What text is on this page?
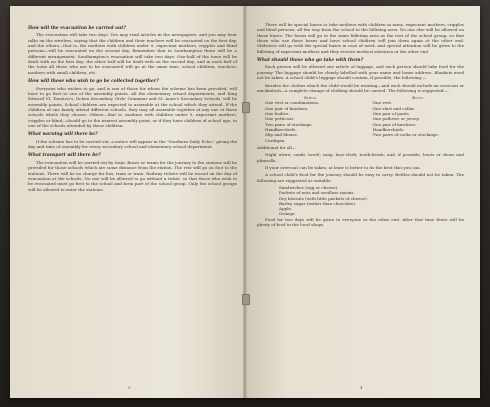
How will the evacuation be carried out?

The evacuation will take two days. You may read articles in the newspapers, and you may hear talks on the wireless, saying that the children and their teachers will be evacuated on the first day, and the others—that is, the mothers with children under 5, expectant mothers, cripples and blind persons—will be evacuated on the second day. Remember that in Southampton there will be a different arrangement. Southampton's evacuation will take two days. One-half of the town will be dealt with on the first day; the other half will be dealt with on the second day; and in each half of the town all those who are to be evacuated will go at the same time, school children, teachers, mothers with small children, etc.

How will those who wish to go be collected together?

Everyone who wishes to go, and is one of those for whom the scheme has been provided, will have to go first to one of the assembly points. All the elementary school departments, and King Edward VI, Taunton's, Itchen Secondary, Girls' Grammar and St. Anne's Secondary Schools, will be assembly points. School children are expected to assemble at the school which they attend. If the children of one family attend different schools, they may all assemble together at any one of those schools which they choose. Others—that is, mothers with children under 5, expectant mothers, cripples or blind—should go to the nearest assembly point, or if they have children of school age, to one of the schools attended by those children.

What warning will there be?

If the scheme has to be carried out, a notice will appear in the "Southern Daily Echo," giving the day and time of assembly for every secondary school and elementary school department.

What transport will there be?

The evacuation will be carried out by train. Buses or trams for the journey to the stations will be provided for those schools which are some distance from the station. The rest will go on foot to the stations. There will be no charge for bus, tram or train. Railway tickets will be issued on the day of evacuation at the schools. No one will be allowed to go without a ticket, so that those who wish to be evacuated must go first to the school and form part of the school group. Only the school groups will be allowed to enter the stations.

5

There will be special buses to take mothers with children in arms, expectant mothers, cripples and blind persons, all the way from the school to the billeting area. No one else will be allowed on these buses. The buses will go to the same billeting area as the rest of the school group, so that those who use these buses and have school children will join them again at the other end. Midwives will go with the special buses in case of need, and special attention will be given to the billeting of expectant mothers and they receive medical attention at the other end.

What should those who go take with them?

Each person will be allowed one article of luggage, and each person should take food for the journey. The luggage should be clearly labelled with your name and home address. Blankets need not be taken. A school child's luggage should contain, if possible, the following:—

Besides the clothes which the child would be wearing—and each should include an overcoat or mackintosh—a complete change of clothing should be carried. The following is suggested:—

Girls.
One vest or combinations.
One pair of knickers.
One bodice.
One petticoat.
Two pairs of stockings.
Handkerchiefs.
Slip and blouse.
Cardigan.
Boys.
One vest.
One shirt and collar.
One pair of pants.
One pullover or jersey.
One pair of knickers.
Handkerchiefs.
Two pairs of socks or stockings.

Additional for all—

Night attire; comb; towel; soap; face-cloth; tooth-brush; and, if possible, boots or shoes and plimsolls.

If your overcoat can be taken, at least is better to do the best that you can.

A school child's food for the journey should be easy to carry. Bottles should not be taken. The following are suggested as suitable:

Sandwiches (egg or cheese).
Packets of nuts and seedless raisins.
Dry biscuits (with little packets of cheese).
Barley sugar (rather than chocolate).
Apple.
Orange.

Food for two days will be given to everyone at the other end. After that time there will be plenty of food in the local shops.

4
